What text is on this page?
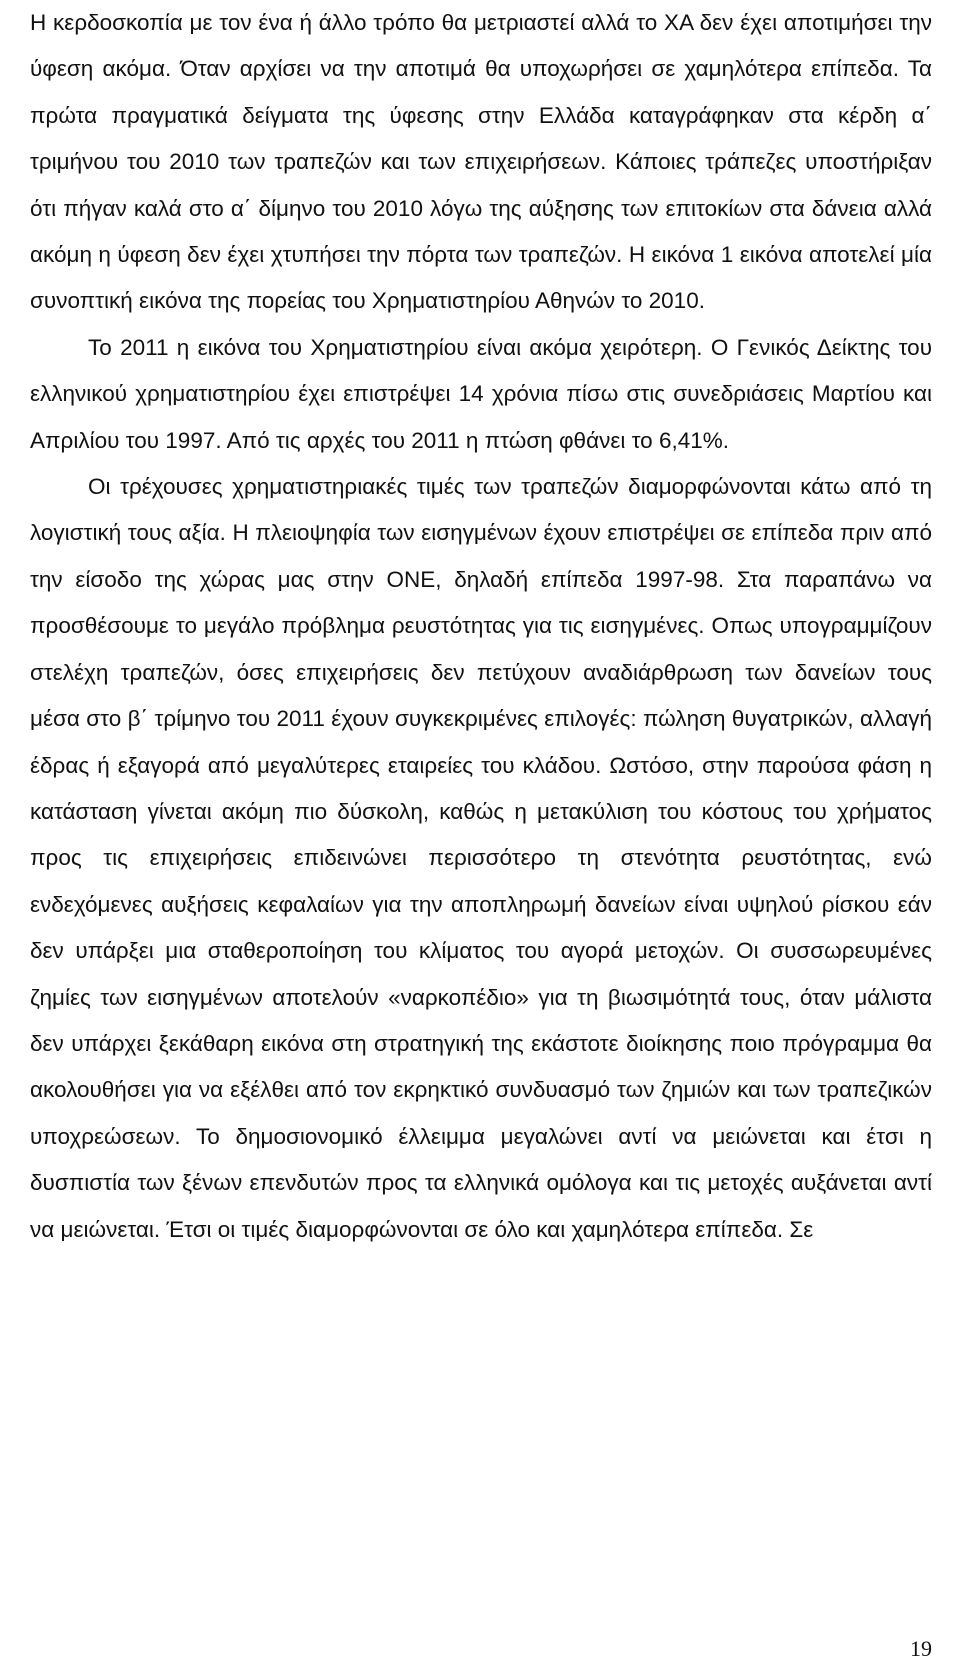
Η κερδοσκοπία με τον ένα ή άλλο τρόπο θα μετριαστεί αλλά το ΧΑ δεν έχει αποτιμήσει την ύφεση ακόμα. Όταν αρχίσει να την αποτιμά θα υποχωρήσει σε χαμηλότερα επίπεδα. Τα πρώτα πραγματικά δείγματα της ύφεσης στην Ελλάδα καταγράφηκαν στα κέρδη α΄ τριμήνου του 2010 των τραπεζών και των επιχειρήσεων. Κάποιες τράπεζες υποστήριξαν ότι πήγαν καλά στο α΄ δίμηνο του 2010 λόγω της αύξησης των επιτοκίων στα δάνεια αλλά ακόμη η ύφεση δεν έχει χτυπήσει την πόρτα των τραπεζών. Η εικόνα 1 εικόνα αποτελεί μία συνοπτική εικόνα της πορείας του Χρηματιστηρίου Αθηνών το 2010.

Το 2011 η εικόνα του Χρηματιστηρίου είναι ακόμα χειρότερη. Ο Γενικός Δείκτης του ελληνικού χρηματιστηρίου έχει επιστρέψει 14 χρόνια πίσω στις συνεδριάσεις Μαρτίου και Απριλίου του 1997. Από τις αρχές του 2011 η πτώση φθάνει το 6,41%.

Οι τρέχουσες χρηματιστηριακές τιμές των τραπεζών διαμορφώνονται κάτω από τη λογιστική τους αξία. Η πλειοψηφία των εισηγμένων έχουν επιστρέψει σε επίπεδα πριν από την είσοδο της χώρας μας στην ΟΝΕ, δηλαδή επίπεδα 1997-98. Στα παραπάνω να προσθέσουμε το μεγάλο πρόβλημα ρευστότητας για τις εισηγμένες. Οπως υπογραμμίζουν στελέχη τραπεζών, όσες επιχειρήσεις δεν πετύχουν αναδιάρθρωση των δανείων τους μέσα στο β΄ τρίμηνο του 2011 έχουν συγκεκριμένες επιλογές: πώληση θυγατρικών, αλλαγή έδρας ή εξαγορά από μεγαλύτερες εταιρείες του κλάδου. Ωστόσο, στην παρούσα φάση η κατάσταση γίνεται ακόμη πιο δύσκολη, καθώς η μετακύλιση του κόστους του χρήματος προς τις επιχειρήσεις επιδεινώνει περισσότερο τη στενότητα ρευστότητας, ενώ ενδεχόμενες αυξήσεις κεφαλαίων για την αποπληρωμή δανείων είναι υψηλού ρίσκου εάν δεν υπάρξει μια σταθεροποίηση του κλίματος του αγορά μετοχών. Οι συσσωρευμένες ζημίες των εισηγμένων αποτελούν «ναρκοπέδιο» για τη βιωσιμότητά τους, όταν μάλιστα δεν υπάρχει ξεκάθαρη εικόνα στη στρατηγική της εκάστοτε διοίκησης ποιο πρόγραμμα θα ακολουθήσει για να εξέλθει από τον εκρηκτικό συνδυασμό των ζημιών και των τραπεζικών υποχρεώσεων. Το δημοσιονομικό έλλειμμα μεγαλώνει αντί να μειώνεται και έτσι η δυσπιστία των ξένων επενδυτών προς τα ελληνικά ομόλογα και τις μετοχές αυξάνεται αντί να μειώνεται. Έτσι οι τιμές διαμορφώνονται σε όλο και χαμηλότερα επίπεδα. Σε

19
